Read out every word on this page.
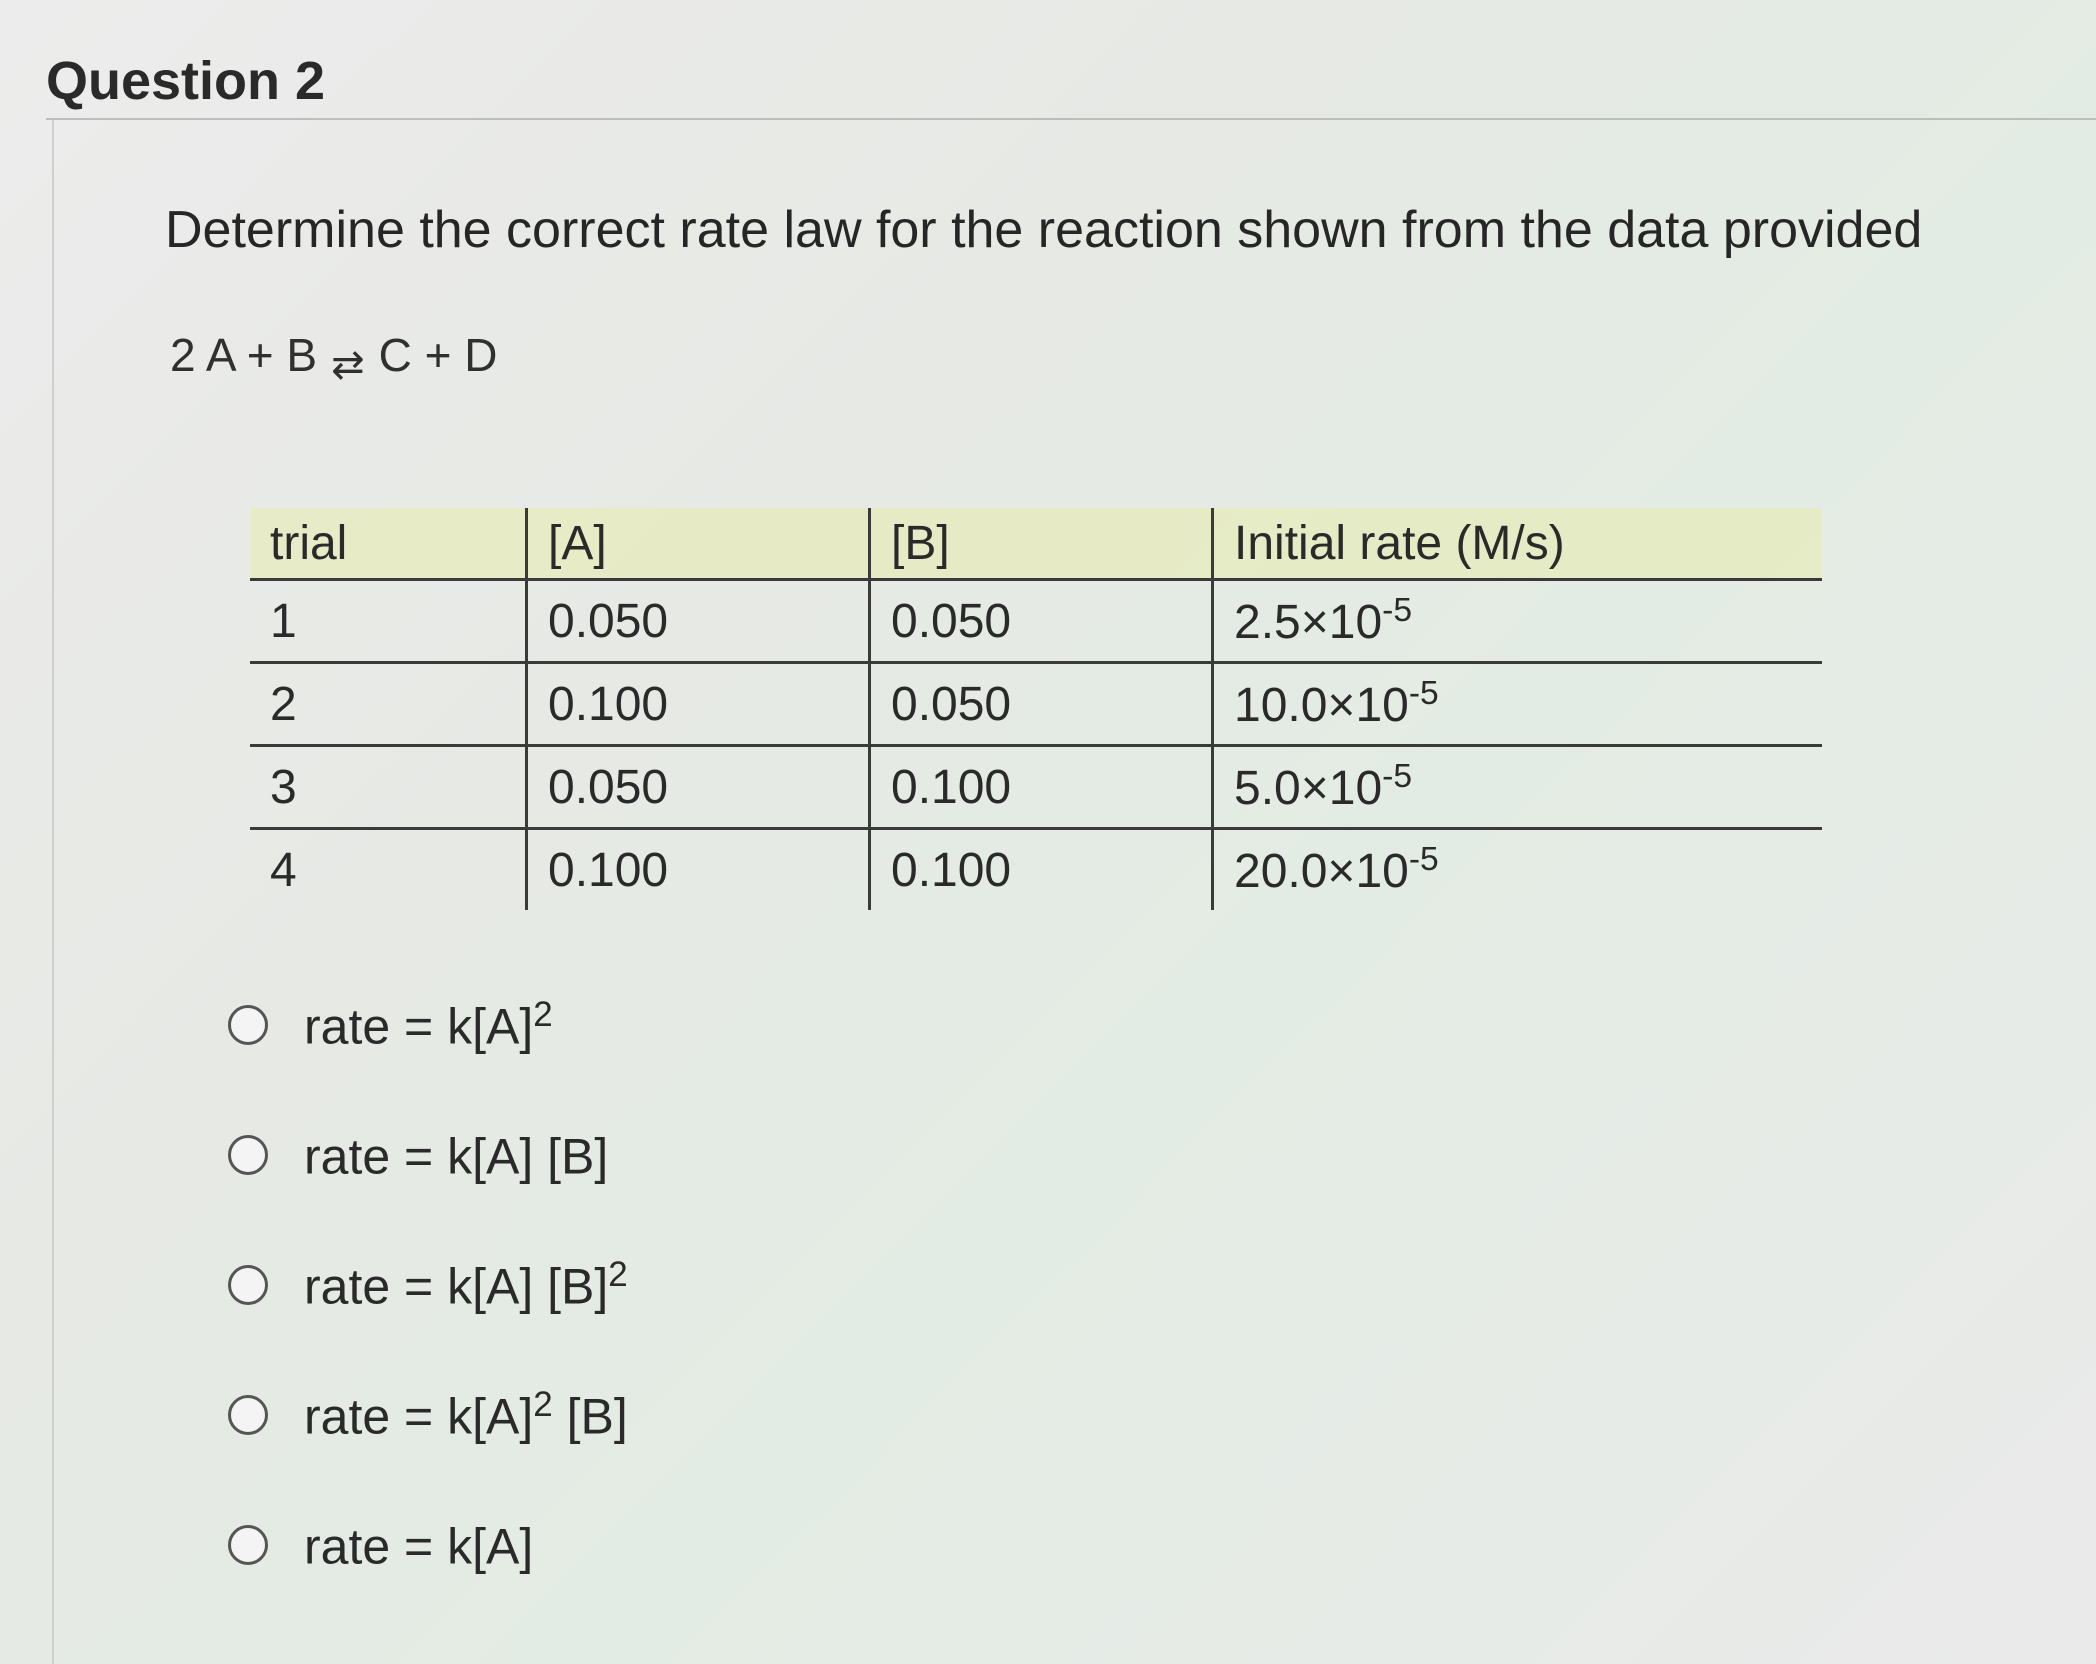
Question 2
Determine the correct rate law for the reaction shown from the data provided
2 A + B ⇄ C + D
trial	[A]	[B]	Initial rate (M/s)
1	0.050	0.050	$2.5\times 10^{-5}$
2	0.100	0.050	$10.0\times 10^{-5}$
3	0.050	0.100	$5.0\times 10^{-5}$
4	0.100	0.100	$20.0\times 10^{-5}$
rate = $k[A]^2$
rate = k[A] [B]
rate = k[A] $[B]^2$
rate = $k[A]^2$ [B]
rate = k[A]
